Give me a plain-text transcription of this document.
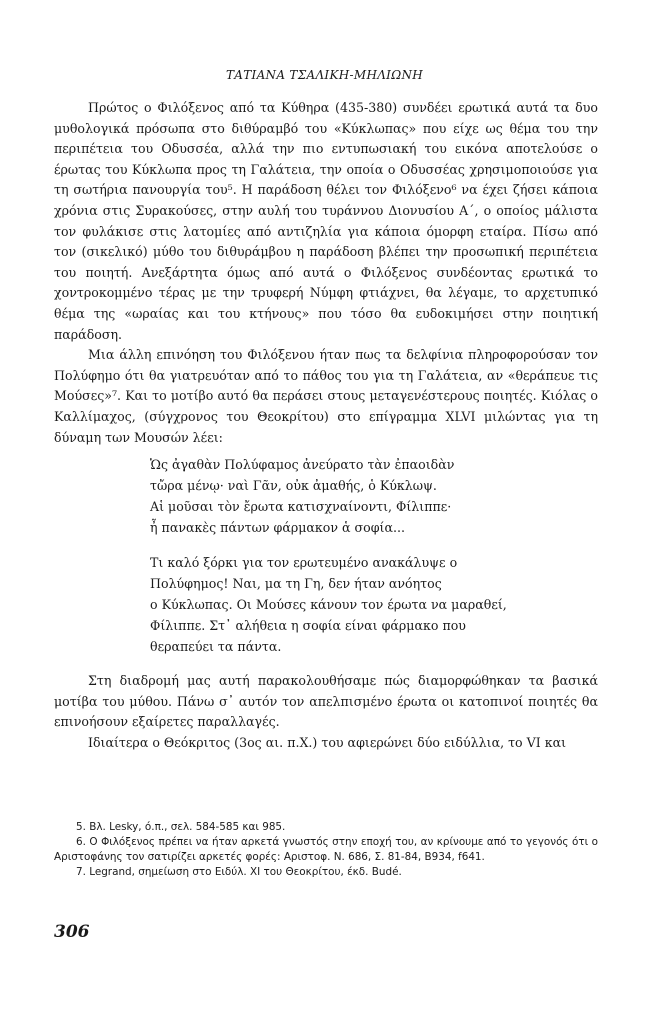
ΤΑΤΙΑΝΑ ΤΣΑΛΙΚΗ-ΜΗΛΙΩΝΗ

Πρώτος ο Φιλόξενος από τα Κύθηρα (435-380) συνδέει ερωτικά αυτά τα δυο μυθολογικά πρόσωπα στο διθύραμβό του «Κύκλωπας» που είχε ως θέμα του την περιπέτεια του Οδυσσέα, αλλά την πιο εντυπωσιακή του εικόνα αποτελούσε ο έρωτας του Κύκλωπα προς τη Γαλάτεια, την οποία ο Οδυσσέας χρησιμοποιούσε για τη σωτήρια πανουργία του⁵. Η παράδοση θέλει τον Φιλόξενο⁶ να έχει ζήσει κάποια χρόνια στις Συρακούσες, στην αυλή του τυράννου Διονυσίου Α΄, ο οποίος μάλιστα τον φυλάκισε στις λατομίες από αντιζηλία για κάποια όμορφη εταίρα. Πίσω από τον (σικελικό) μύθο του διθυράμβου η παράδοση βλέπει την προσωπική περιπέτεια του ποιητή. Ανεξάρτητα όμως από αυτά ο Φιλόξενος συνδέοντας ερωτικά το χοντροκομμένο τέρας με την τρυφερή Νύμφη φτιάχνει, θα λέγαμε, το αρχετυπικό θέμα της «ωραίας και του κτήνους» που τόσο θα ευδοκιμήσει στην ποιητική παράδοση.

Μια άλλη επινόηση του Φιλόξενου ήταν πως τα δελφίνια πληροφορούσαν τον Πολύφημο ότι θα γιατρευόταν από το πάθος του για τη Γαλάτεια, αν «θεράπευε τις Μούσες»⁷. Και το μοτίβο αυτό θα περάσει στους μεταγενέστερους ποιητές. Κιόλας ο Καλλίμαχος, (σύγχρονος του Θεοκρίτου) στο επίγραμμα XLVI μιλώντας για τη δύναμη των Μουσών λέει:

Ὡς ἀγαθὰν Πολύφαμος ἀνεύρατο τὰν ἐπαοιδὰν
τὤρα μένῳ· ναὶ Γᾶν, οὐκ ἀμαθής, ὁ Κύκλωψ.
Αἱ μοῦσαι τὸν ἔρωτα κατισχναίνοντι, Φίλιππε·
ἦ πανακὲς πάντων φάρμακον ἁ σοφία...
Τι καλό ξόρκι για τον ερωτευμένο ανακάλυψε ο
Πολύφημος! Ναι, μα τη Γη, δεν ήταν ανόητος
ο Κύκλωπας. Οι Μούσες κάνουν τον έρωτα να μαραθεί,
Φίλιππε. Στ᾽ αλήθεια η σοφία είναι φάρμακο που
θεραπεύει τα πάντα.

Στη διαδρομή μας αυτή παρακολουθήσαμε πώς διαμορφώθηκαν τα βασικά μοτίβα του μύθου. Πάνω σ᾽ αυτόν τον απελπισμένο έρωτα οι κατοπινοί ποιητές θα επινοήσουν εξαίρετες παραλλαγές.

Ιδιαίτερα ο Θεόκριτος (3ος αι. π.Χ.) του αφιερώνει δύο ειδύλλια, το VI και

5. Βλ. Lesky, ό.π., σελ. 584-585 και 985.
6. Ο Φιλόξενος πρέπει να ήταν αρκετά γνωστός στην εποχή του, αν κρίνουμε από το γεγονός ότι ο Αριστοφάνης τον σατιρίζει αρκετές φορές: Αριστοφ. Ν. 686, Σ. 81-84, Β934, f641.
7. Legrand, σημείωση στο Ειδύλ. XI του Θεοκρίτου, έκδ. Budé.
306
